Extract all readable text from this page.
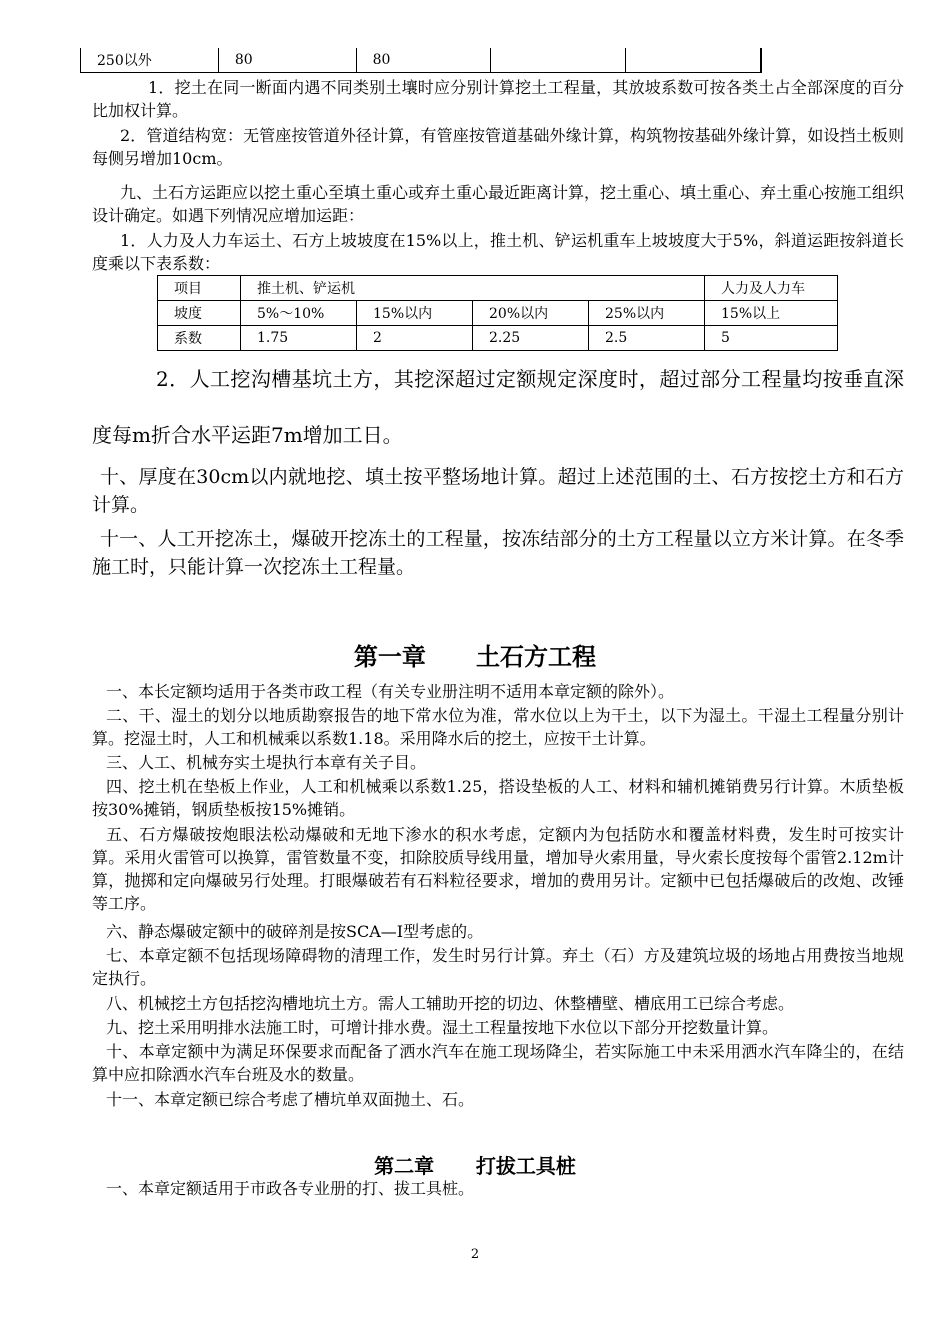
250以外	80	80			

1．挖土在同一断面内遇不同类别土壤时应分别计算挖土工程量，其放坡系数可按各类土占全部深度的百分比加权计算。

2．管道结构宽：无管座按管道外径计算，有管座按管道基础外缘计算，构筑物按基础外缘计算，如设挡土板则每侧另增加10cm。

九、土石方运距应以挖土重心至填土重心或弃土重心最近距离计算，挖土重心、填土重心、弃土重心按施工组织设计确定。如遇下列情况应增加运距：

1．人力及人力车运土、石方上坡坡度在15%以上，推土机、铲运机重车上坡坡度大于5%，斜道运距按斜道长度乘以下表系数：

项目	推土机、铲运机				人力及人力车
坡度	5%～10%	15%以内	20%以内	25%以内	15%以上
系数	1.75	2	2.25	2.5	5

2．人工挖沟槽基坑土方，其挖深超过定额规定深度时，超过部分工程量均按垂直深度每m折合水平运距7m增加工日。

十、厚度在30cm以内就地挖、填土按平整场地计算。超过上述范围的土、石方按挖土方和石方计算。

十一、人工开挖冻土，爆破开挖冻土的工程量，按冻结部分的土方工程量以立方米计算。在冬季施工时，只能计算一次挖冻土工程量。

第一章      土石方工程

一、本长定额均适用于各类市政工程（有关专业册注明不适用本章定额的除外）。

二、干、湿土的划分以地质勘察报告的地下常水位为准，常水位以上为干土，以下为湿土。干湿土工程量分别计算。挖湿土时，人工和机械乘以系数1.18。采用降水后的挖土，应按干土计算。

三、人工、机械夯实土堤执行本章有关子目。

四、挖土机在垫板上作业，人工和机械乘以系数1.25，搭设垫板的人工、材料和辅机摊销费另行计算。木质垫板按30%摊销，钢质垫板按15%摊销。

五、石方爆破按炮眼法松动爆破和无地下渗水的积水考虑，定额内为包括防水和覆盖材料费，发生时可按实计算。采用火雷管可以换算，雷管数量不变，扣除胶质导线用量，增加导火索用量，导火索长度按每个雷管2.12m计算，抛掷和定向爆破另行处理。打眼爆破若有石料粒径要求，增加的费用另计。定额中已包括爆破后的改炮、改锤等工序。

六、静态爆破定额中的破碎剂是按SCA—I型考虑的。

七、本章定额不包括现场障碍物的清理工作，发生时另行计算。弃土（石）方及建筑垃圾的场地占用费按当地规定执行。

八、机械挖土方包括挖沟槽地坑土方。需人工辅助开挖的切边、休整槽壁、槽底用工已综合考虑。

九、挖土采用明排水法施工时，可增计排水费。湿土工程量按地下水位以下部分开挖数量计算。

十、本章定额中为满足环保要求而配备了洒水汽车在施工现场降尘，若实际施工中未采用洒水汽车降尘的，在结算中应扣除洒水汽车台班及水的数量。

十一、本章定额已综合考虑了槽坑单双面抛土、石。

第二章      打拔工具桩

一、本章定额适用于市政各专业册的打、拔工具桩。

2
